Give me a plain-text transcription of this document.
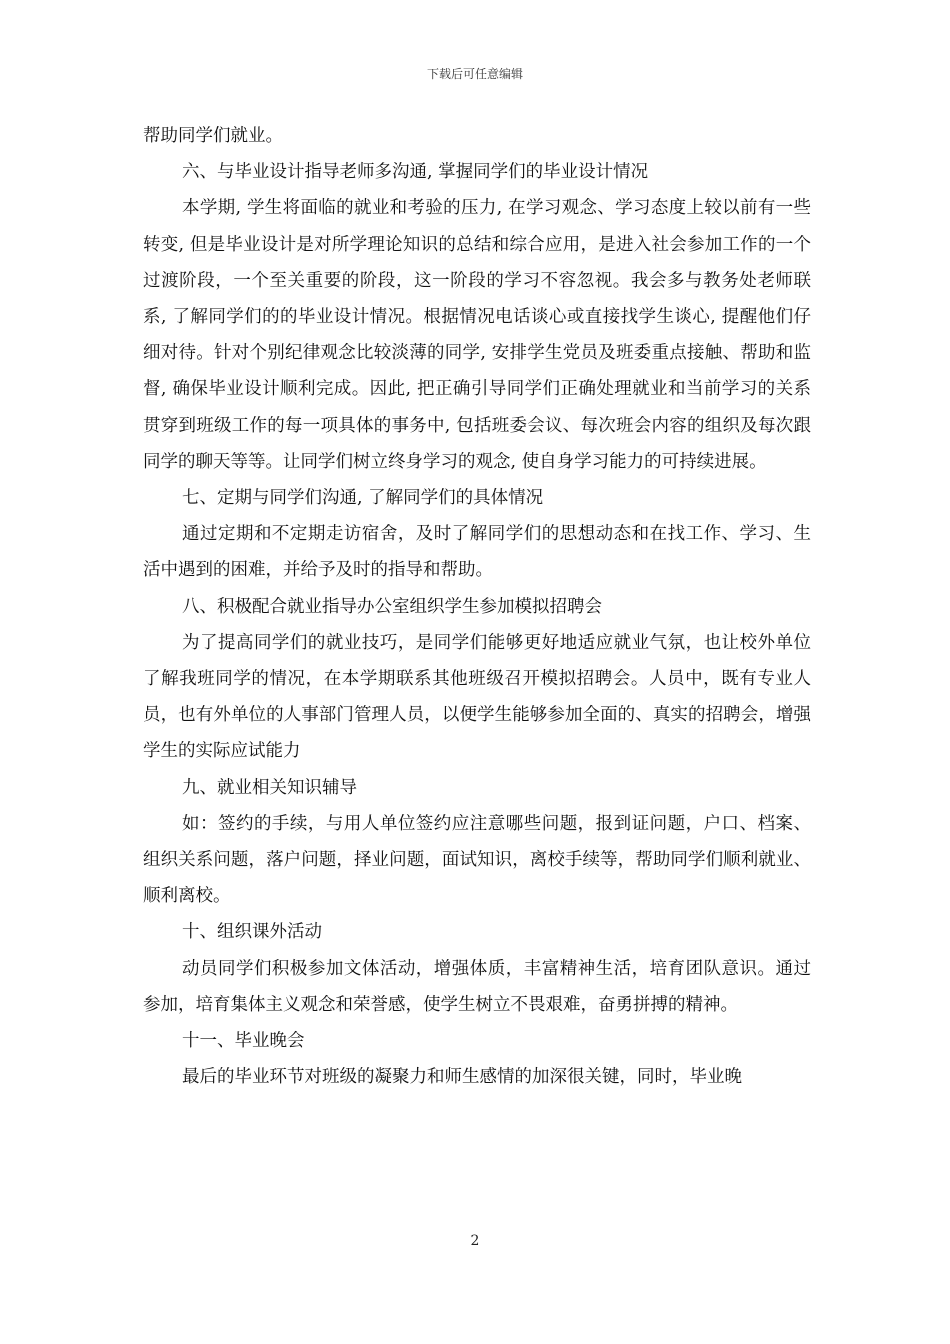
下载后可任意编辑

帮助同学们就业。

六、与毕业设计指导老师多沟通, 掌握同学们的毕业设计情况

本学期, 学生将面临的就业和考验的压力, 在学习观念、学习态度上较以前有一些转变, 但是毕业设计是对所学理论知识的总结和综合应用，是进入社会参加工作的一个过渡阶段，一个至关重要的阶段，这一阶段的学习不容忽视。我会多与教务处老师联系, 了解同学们的的毕业设计情况。根据情况电话谈心或直接找学生谈心, 提醒他们仔细对待。针对个别纪律观念比较淡薄的同学, 安排学生党员及班委重点接触、帮助和监督, 确保毕业设计顺利完成。因此, 把正确引导同学们正确处理就业和当前学习的关系贯穿到班级工作的每一项具体的事务中, 包括班委会议、每次班会内容的组织及每次跟同学的聊天等等。让同学们树立终身学习的观念, 使自身学习能力的可持续进展。

七、定期与同学们沟通, 了解同学们的具体情况

通过定期和不定期走访宿舍，及时了解同学们的思想动态和在找工作、学习、生活中遇到的困难，并给予及时的指导和帮助。

八、积极配合就业指导办公室组织学生参加模拟招聘会

为了提高同学们的就业技巧，是同学们能够更好地适应就业气氛，也让校外单位了解我班同学的情况，在本学期联系其他班级召开模拟招聘会。人员中，既有专业人员，也有外单位的人事部门管理人员，以便学生能够参加全面的、真实的招聘会，增强学生的实际应试能力

九、就业相关知识辅导

如：签约的手续，与用人单位签约应注意哪些问题，报到证问题，户口、档案、组织关系问题，落户问题，择业问题，面试知识，离校手续等，帮助同学们顺利就业、顺利离校。

十、组织课外活动

动员同学们积极参加文体活动，增强体质，丰富精神生活，培育团队意识。通过参加，培育集体主义观念和荣誉感，使学生树立不畏艰难，奋勇拼搏的精神。

十一、毕业晚会

最后的毕业环节对班级的凝聚力和师生感情的加深很关键，同时，毕业晚

2
